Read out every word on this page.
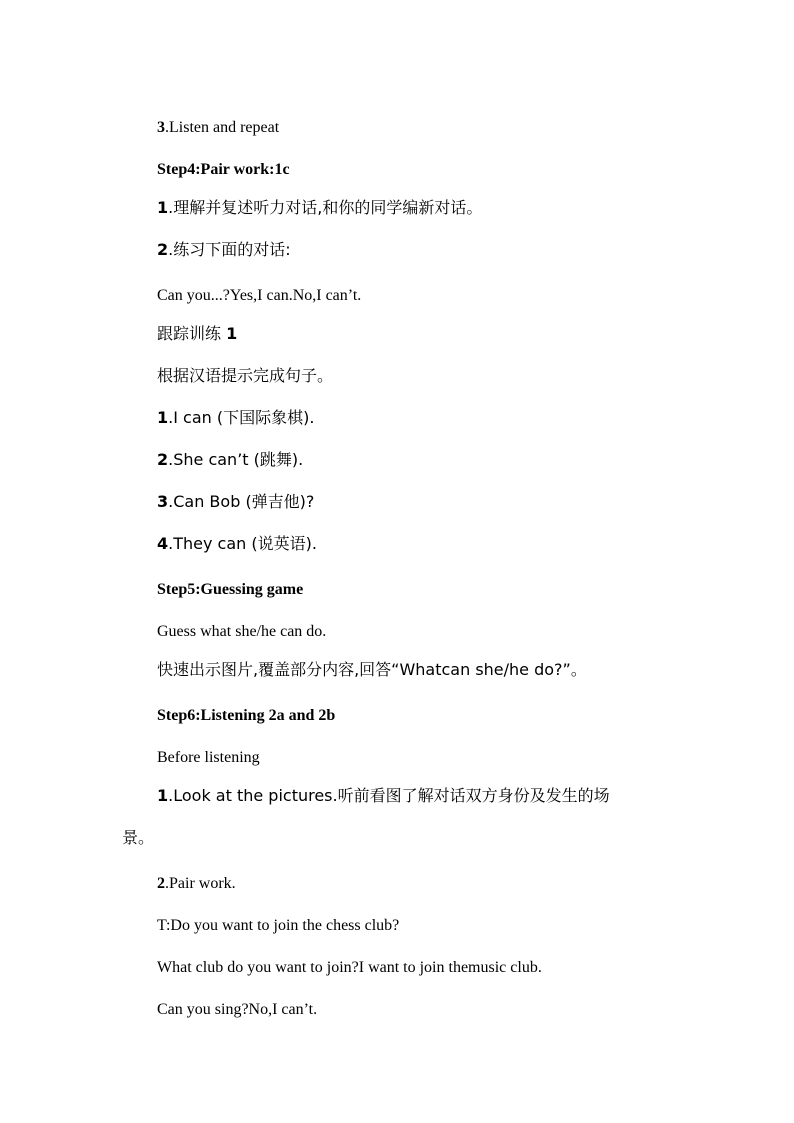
3.Listen and repeat
Step4:Pair work:1c
1.理解并复述听力对话,和你的同学编新对话。
2.练习下面的对话:
Can you...?Yes,I can.No,I can’t.
跟踪训练 1
根据汉语提示完成句子。
1.I can (下国际象棋).
2.She can’t (跳舞).
3.Can Bob (弹吉他)?
4.They can (说英语).
Step5:Guessing game
Guess what she/he can do.
快速出示图片,覆盖部分内容,回答“Whatcan she/he do?”。
Step6:Listening 2a and 2b
Before listening
1.Look at the pictures.听前看图了解对话双方身份及发生的场
景。
2.Pair work.
T:Do you want to join the chess club?
What club do you want to join?I want to join themusic club.
Can you sing?No,I can’t.
